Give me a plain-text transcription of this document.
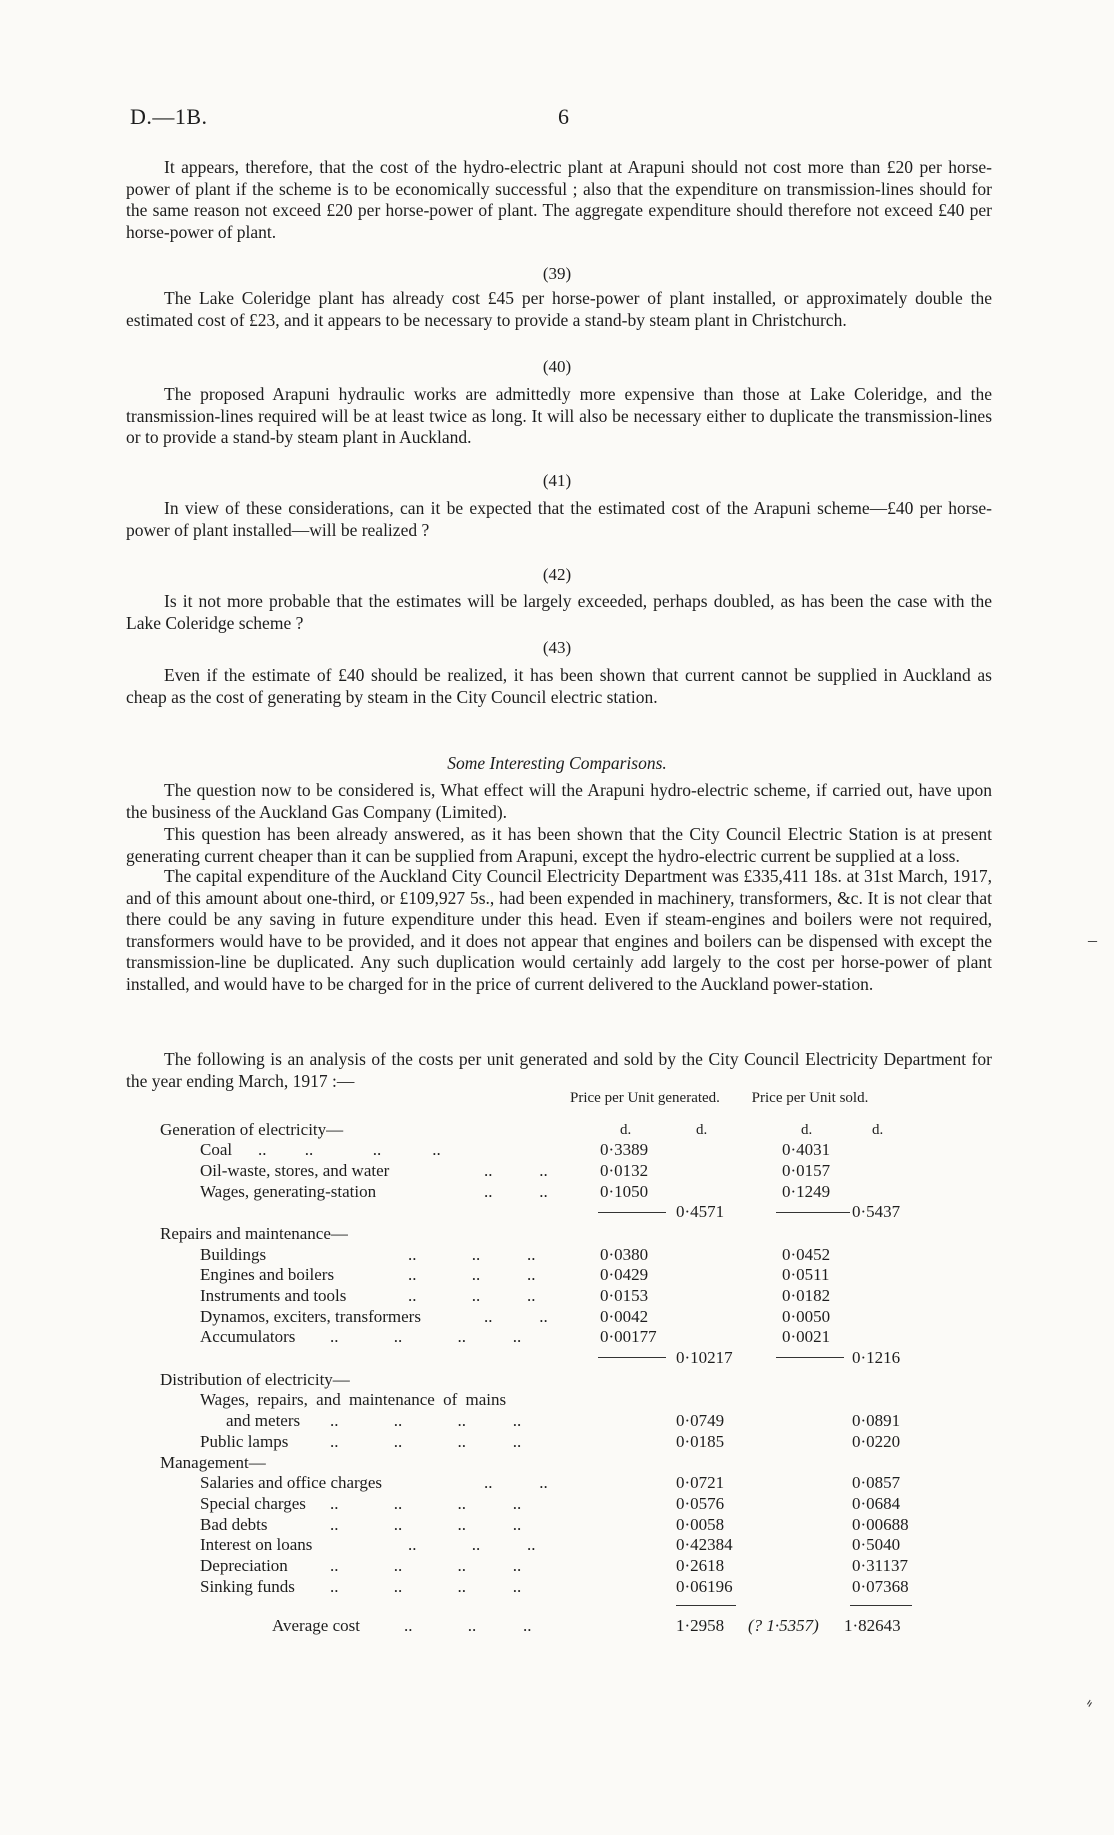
D.—1B.	6

It appears, therefore, that the cost of the hydro-electric plant at Arapuni should not cost more than £20 per horse-power of plant if the scheme is to be economically successful ; also that the expenditure on transmission-lines should for the same reason not exceed £20 per horse-power of plant. The aggregate expenditure should therefore not exceed £40 per horse-power of plant.

(39)

The Lake Coleridge plant has already cost £45 per horse-power of plant installed, or approximately double the estimated cost of £23, and it appears to be necessary to provide a stand-by steam plant in Christchurch.

(40)

The proposed Arapuni hydraulic works are admittedly more expensive than those at Lake Coleridge, and the transmission-lines required will be at least twice as long. It will also be necessary either to duplicate the transmission-lines or to provide a stand-by steam plant in Auckland.

(41)

In view of these considerations, can it be expected that the estimated cost of the Arapuni scheme—£40 per horse-power of plant installed—will be realized ?

(42)

Is it not more probable that the estimates will be largely exceeded, perhaps doubled, as has been the case with the Lake Coleridge scheme ?

(43)

Even if the estimate of £40 should be realized, it has been shown that current cannot be supplied in Auckland as cheap as the cost of generating by steam in the City Council electric station.

Some Interesting Comparisons.

The question now to be considered is, What effect will the Arapuni hydro-electric scheme, if carried out, have upon the business of the Auckland Gas Company (Limited).

This question has been already answered, as it has been shown that the City Council Electric Station is at present generating current cheaper than it can be supplied from Arapuni, except the hydro-electric current be supplied at a loss.

The capital expenditure of the Auckland City Council Electricity Department was £335,411 18s. at 31st March, 1917, and of this amount about one-third, or £109,927 5s., had been expended in machinery, transformers, &c. It is not clear that there could be any saving in future expenditure under this head. Even if steam-engines and boilers were not required, transformers would have to be provided, and it does not appear that engines and boilers can be dispensed with except the transmission-line be duplicated. Any such duplication would certainly add largely to the cost per horse-power of plant installed, and would have to be charged for in the price of current delivered to the Auckland power-station.

The following is an analysis of the costs per unit generated and sold by the City Council Electricity Department for the year ending March, 1917 :—

Price per Unit generated. Price per Unit sold.
d.	d.	d.	d.
Generation of electricity—
Coal ..         ..              ..            ..	0·3389	0·4031
Oil-waste, stores, and water	..           ..	0·0132	0·0157
Wages, generating-station	..           ..	0·1050	0·1249
0·4571	0·5437
Repairs and maintenance—
Buildings	..             ..           ..	0·0380	0·0452
Engines and boilers	..             ..           ..	0·0429	0·0511
Instruments and tools	..             ..           ..	0·0153	0·0182
Dynamos, exciters, transformers	..           ..	0·0042	0·0050
Accumulators ..             ..             ..           ..	0·00177	0·0021
0·10217	0·1216
Distribution of electricity—
Wages, repairs, and maintenance of mains
and meters ..             ..             ..           ..	0·0749	0·0891
Public lamps ..             ..             ..           ..	0·0185	0·0220
Management—
Salaries and office charges	..           ..	0·0721	0·0857
Special charges ..             ..             ..           ..	0·0576	0·0684
Bad debts	..             ..             ..           ..	0·0058	0·00688
Interest on loans	..             ..           ..	0·42384	0·5040
Depreciation ..             ..             ..           ..	0·2618	0·31137
Sinking funds ..             ..             ..           ..	0·06196	0·07368
Average cost	..             ..           ..	1·2958 (? 1·5357) 1·82643
–
⸗
